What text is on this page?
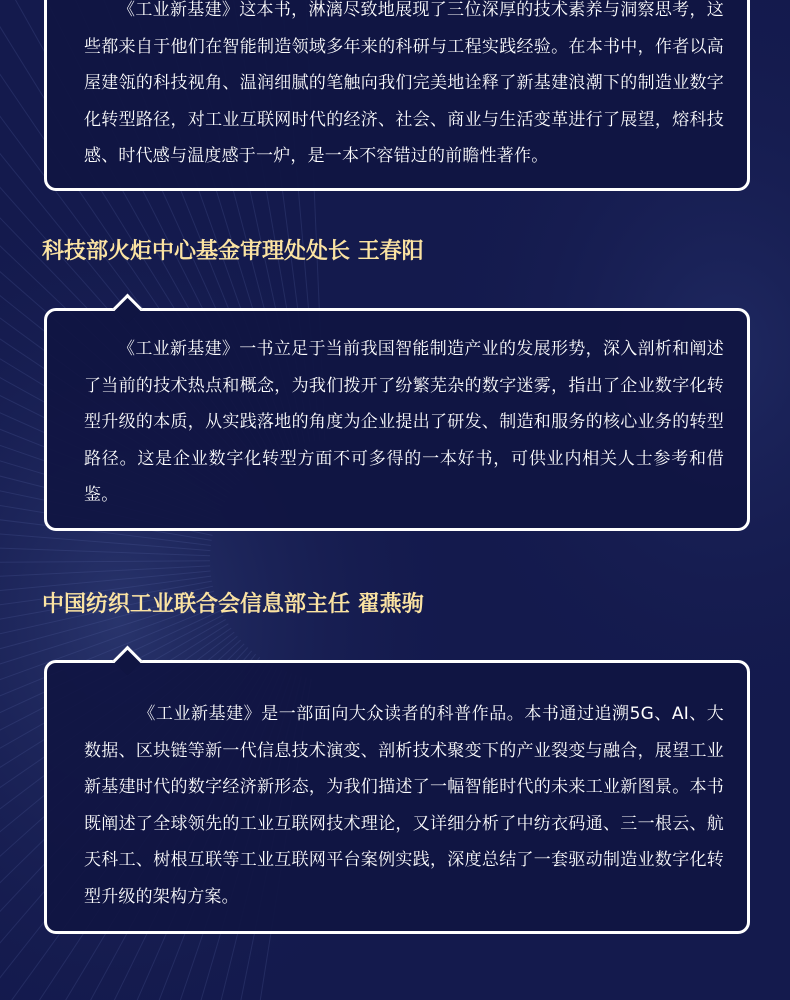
《工业新基建》这本书，淋漓尽致地展现了三位深厚的技术素养与洞察思考，这些都来自于他们在智能制造领域多年来的科研与工程实践经验。在本书中，作者以高屋建瓴的科技视角、温润细腻的笔触向我们完美地诠释了新基建浪潮下的制造业数字化转型路径，对工业互联网时代的经济、社会、商业与生活变革进行了展望，熔科技感、时代感与温度感于一炉，是一本不容错过的前瞻性著作。

科技部火炬中心基金审理处处长 王春阳

《工业新基建》一书立足于当前我国智能制造产业的发展形势，深入剖析和阐述了当前的技术热点和概念，为我们拨开了纷繁芜杂的数字迷雾，指出了企业数字化转型升级的本质，从实践落地的角度为企业提出了研发、制造和服务的核心业务的转型路径。这是企业数字化转型方面不可多得的一本好书，可供业内相关人士参考和借鉴。

中国纺织工业联合会信息部主任 翟燕驹

《工业新基建》是一部面向大众读者的科普作品。本书通过追溯5G、AI、大数据、区块链等新一代信息技术演变、剖析技术聚变下的产业裂变与融合，展望工业新基建时代的数字经济新形态，为我们描述了一幅智能时代的未来工业新图景。本书既阐述了全球领先的工业互联网技术理论，又详细分析了中纺衣码通、三一根云、航天科工、树根互联等工业互联网平台案例实践，深度总结了一套驱动制造业数字化转型升级的架构方案。
